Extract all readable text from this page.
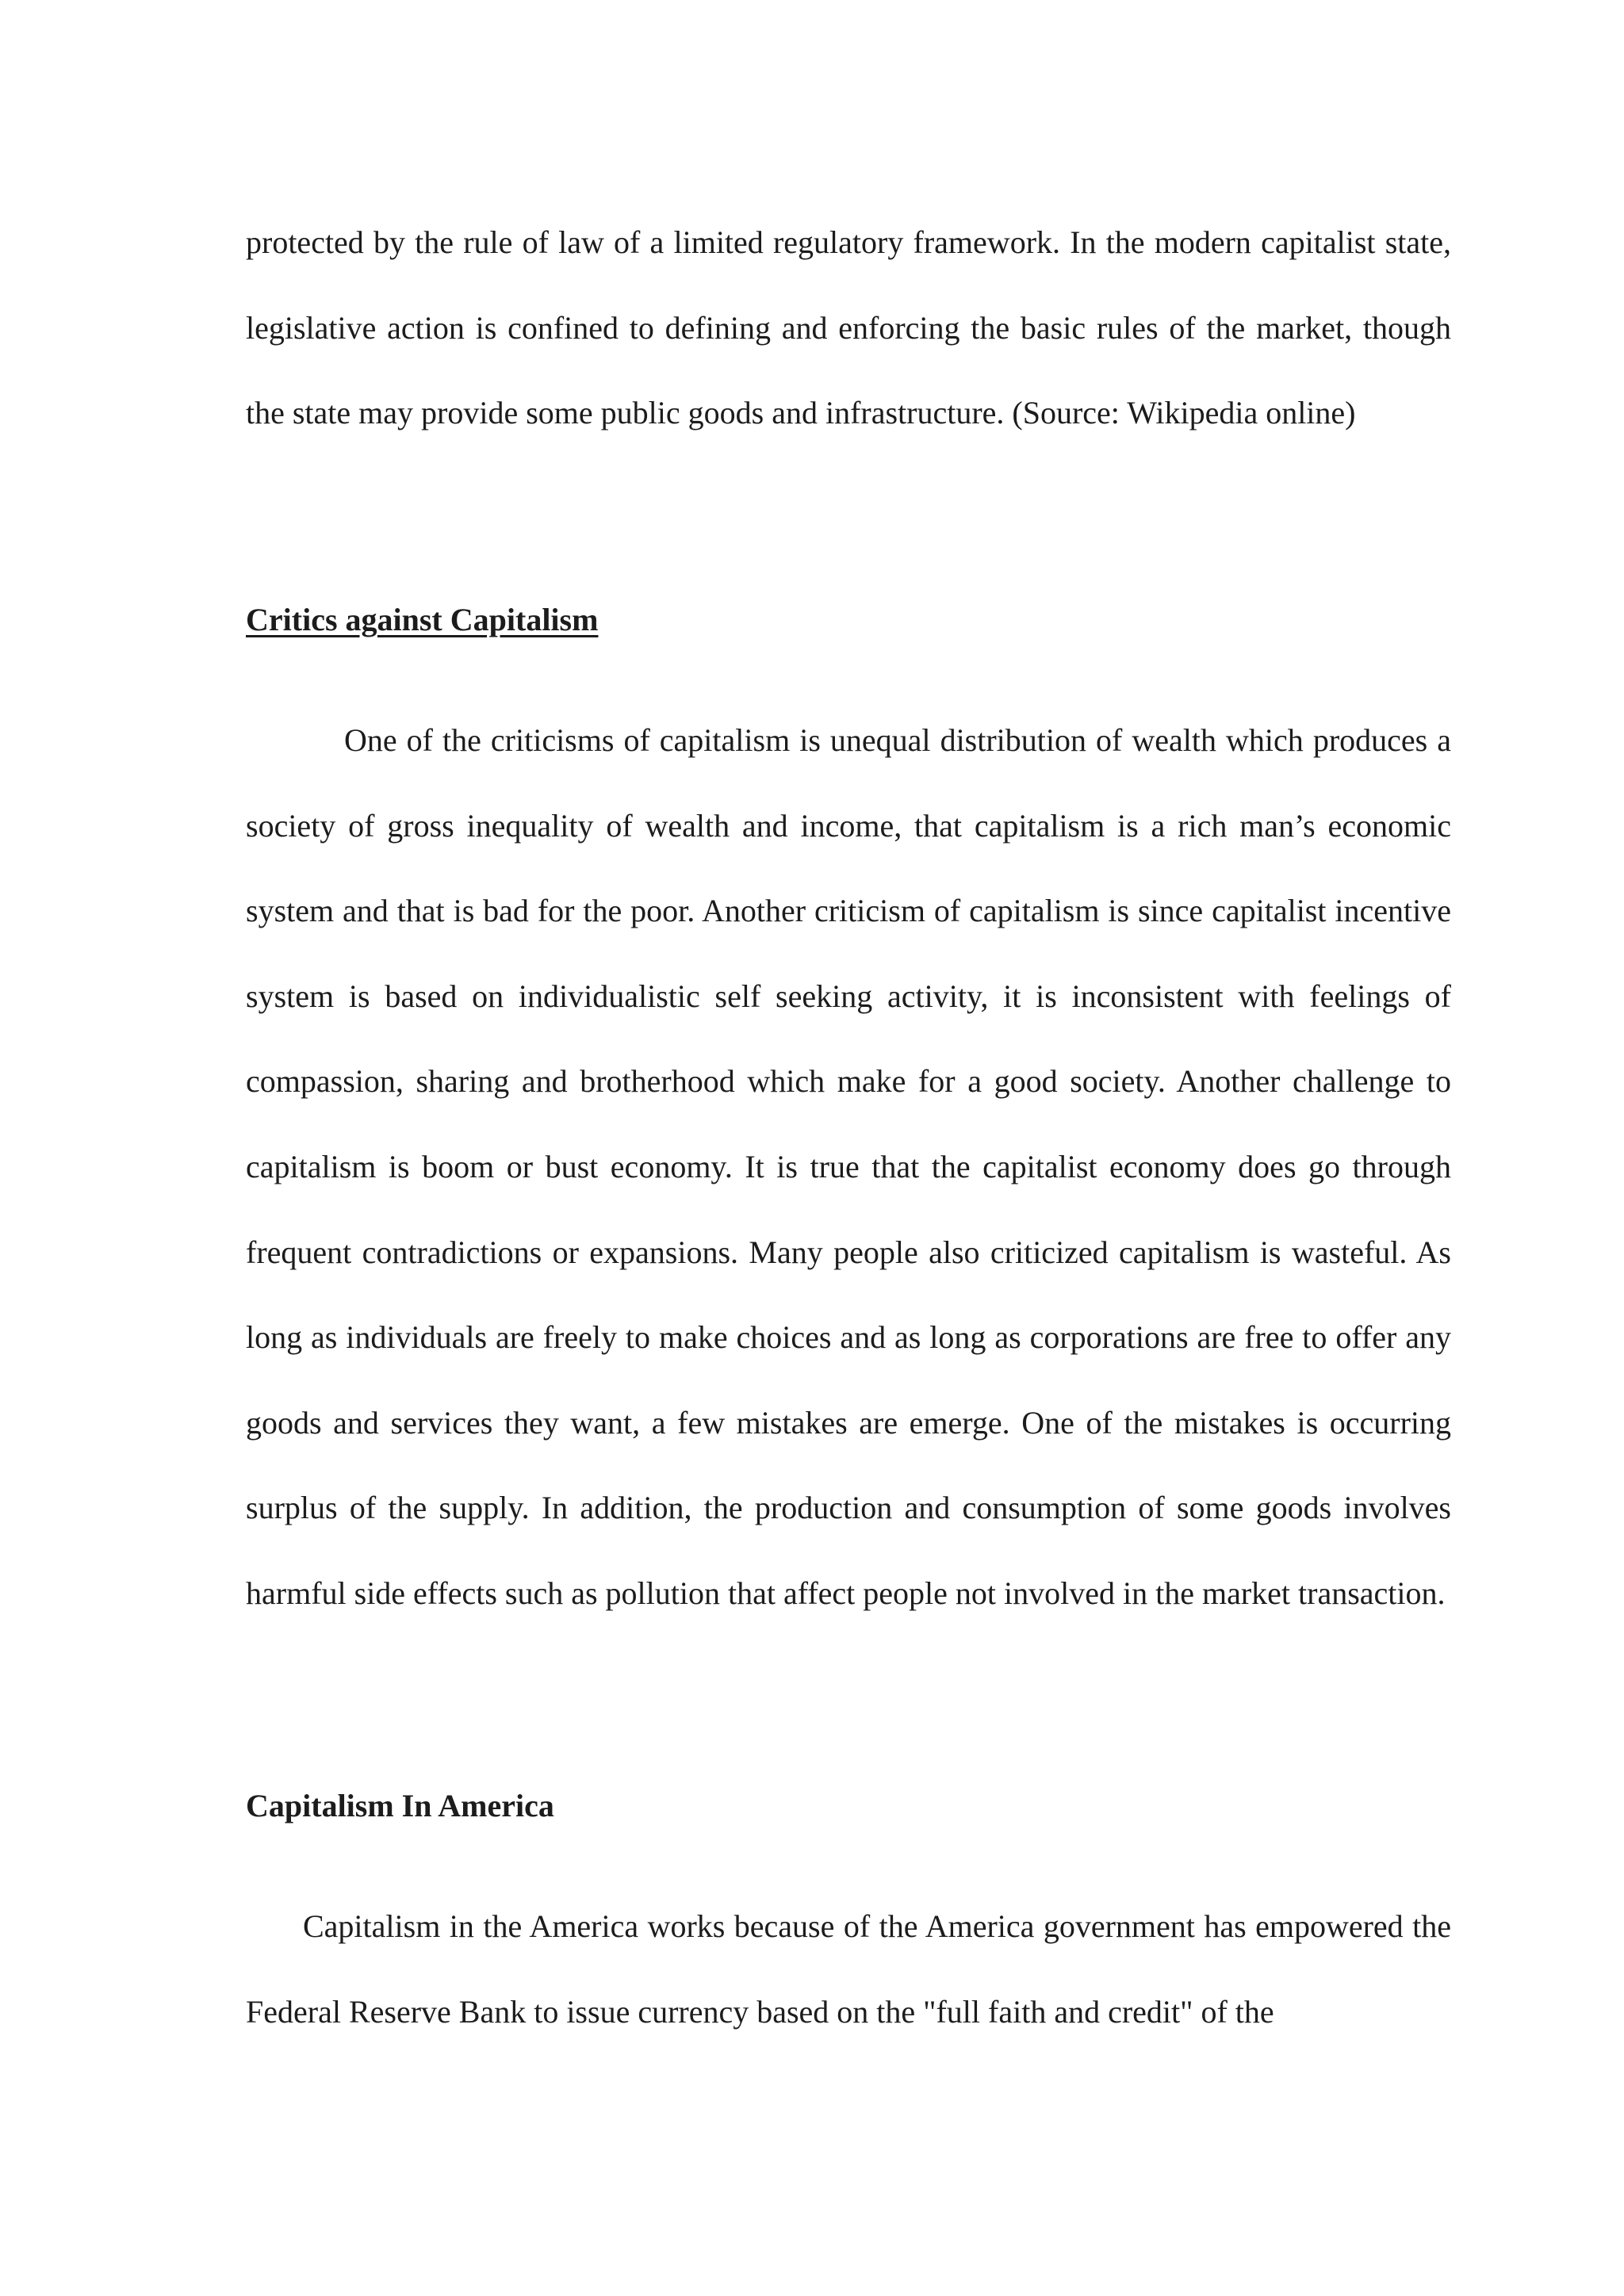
protected by the rule of law of a limited regulatory framework. In the modern capitalist state, legislative action is confined to defining and enforcing the basic rules of the market, though the state may provide some public goods and infrastructure. (Source: Wikipedia online)

Critics against Capitalism

One of the criticisms of capitalism is unequal distribution of wealth which produces a society of gross inequality of wealth and income, that capitalism is a rich man’s economic system and that is bad for the poor. Another criticism of capitalism is since capitalist incentive system is based on individualistic self seeking activity, it is inconsistent with feelings of compassion, sharing and brotherhood which make for a good society. Another challenge to capitalism is boom or bust economy. It is true that the capitalist economy does go through frequent contradictions or expansions. Many people also criticized capitalism is wasteful. As long as individuals are freely to make choices and as long as corporations are free to offer any goods and services they want, a few mistakes are emerge. One of the mistakes is occurring surplus of the supply. In addition, the production and consumption of some goods involves harmful side effects such as pollution that affect people not involved in the market transaction.

Capitalism In America

Capitalism in the America works because of the America government has empowered the Federal Reserve Bank to issue currency based on the "full faith and credit" of the
